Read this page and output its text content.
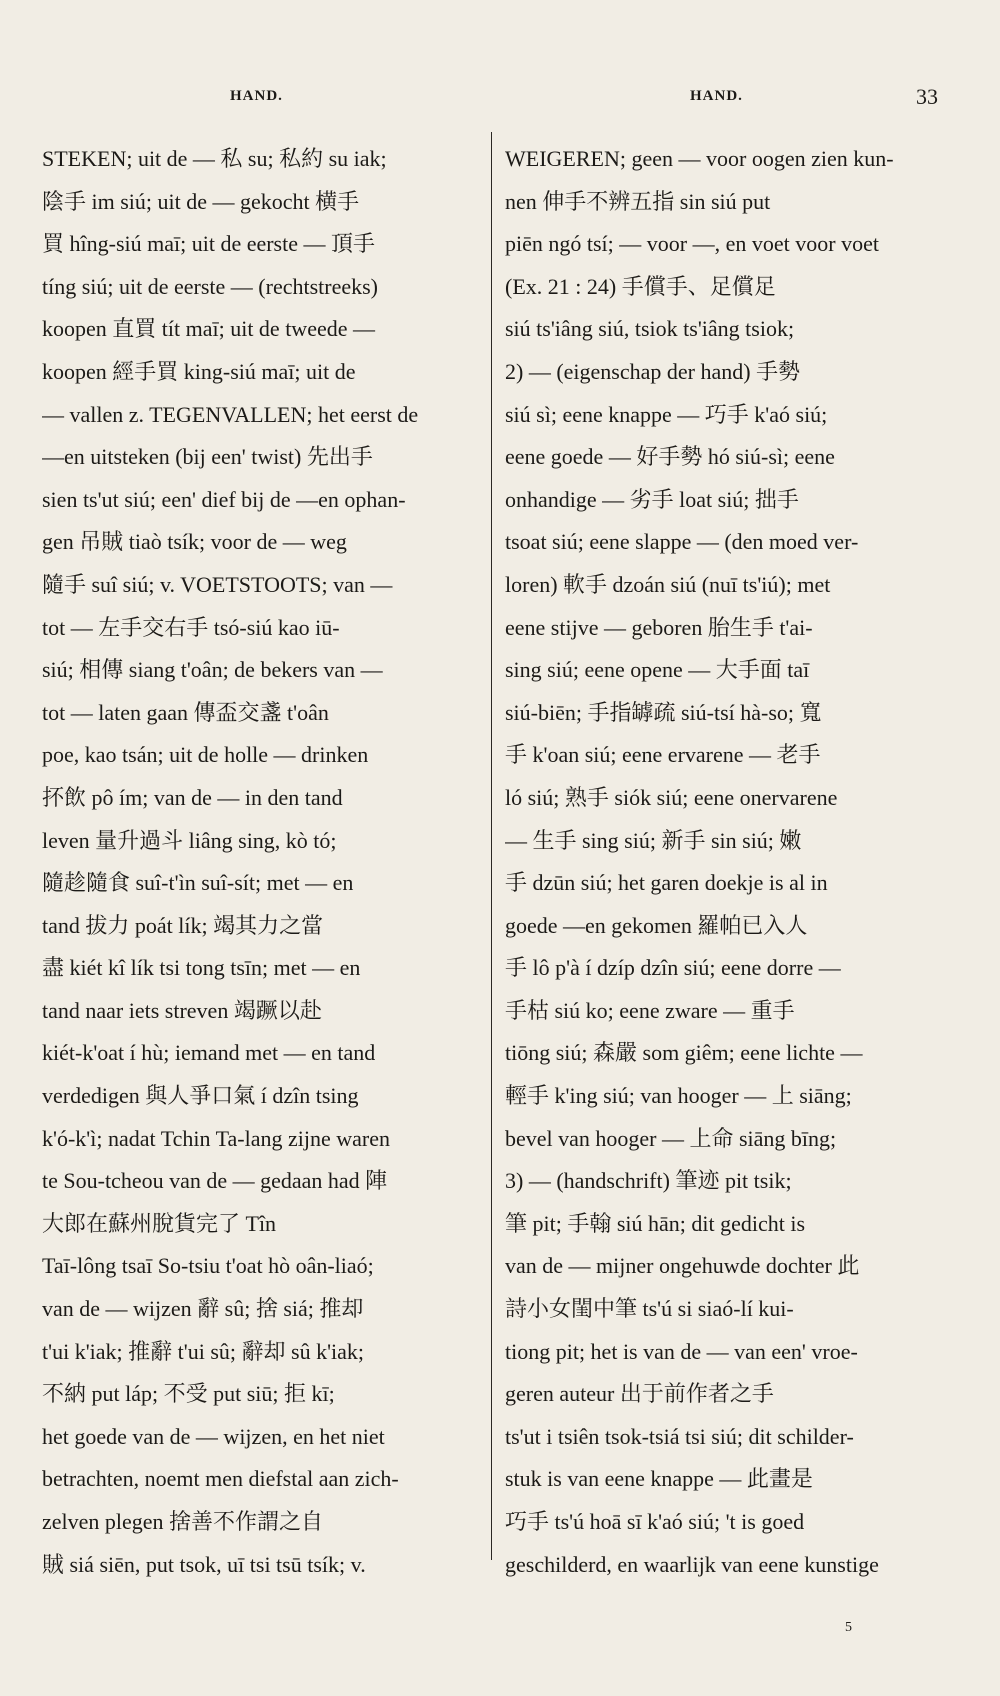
HAND.	HAND.	33
STEKEN; uit de — 私 su; 私約 su iak;
陰手 im siú; uit de — gekocht 横手
買 hîng-siú maī; uit de eerste — 頂手
tíng siú; uit de eerste — (rechtstreeks)
koopen 直買 tít maī; uit de tweede —
koopen 經手買 king-siú maī; uit de
— vallen z. TEGENVALLEN; het eerst de
—en uitsteken (bij een' twist) 先出手
sien ts'ut siú; een' dief bij de —en ophan-
gen 吊賊 tiaò tsík; voor de — weg
隨手 suî siú; v. VOETSTOOTS; van —
tot — 左手交右手 tsó-siú kao iū-
siú; 相傳 siang t'oân; de bekers van —
tot — laten gaan 傳盃交盞 t'oân
poe, kao tsán; uit de holle — drinken
抔飲 pô ím; van de — in den tand
leven 量升過斗 liâng sing, kò tó;
隨趁隨食 suî-t'ìn suî-sít; met — en
tand 拔力 poát lík; 竭其力之當
盡 kiét kî lík tsi tong tsīn; met — en
tand naar iets streven 竭蹶以赴
kiét-k'oat í hù; iemand met — en tand
verdedigen 與人爭口氣 í dzîn tsing
k'ó-k'ì; nadat Tchin Ta-lang zijne waren
te Sou-tcheou van de — gedaan had 陣
大郎在蘇州脫貨完了 Tîn
Taī-lông tsaī So-tsiu t'oat hò oân-liaó;
van de — wijzen 辭 sû; 捨 siá; 推却
t'ui k'iak; 推辭 t'ui sû; 辭却 sû k'iak;
不納 put láp; 不受 put siū; 拒 kī;
het goede van de — wijzen, en het niet
betrachten, noemt men diefstal aan zich-
zelven plegen 捨善不作謂之自
賊 siá siēn, put tsok, uī tsi tsū tsík; v.
WEIGEREN; geen — voor oogen zien kun-
nen 伸手不辨五指 sin siú put
piēn ngó tsí; — voor —, en voet voor voet
(Ex. 21 : 24) 手償手、足償足
siú ts'iâng siú, tsiok ts'iâng tsiok;
2) — (eigenschap der hand) 手勢
siú sì; eene knappe — 巧手 k'aó siú;
eene goede — 好手勢 hó siú-sì; eene
onhandige — 劣手 loat siú; 拙手
tsoat siú; eene slappe — (den moed ver-
loren) 軟手 dzoán siú (nuī ts'iú); met
eene stijve — geboren 胎生手 t'ai-
sing siú; eene opene — 大手面 taī
siú-biēn; 手指罅疏 siú-tsí hà-so; 寬
手 k'oan siú; eene ervarene — 老手
ló siú; 熟手 siók siú; eene onervarene
— 生手 sing siú; 新手 sin siú; 嫩
手 dzūn siú; het garen doekje is al in
goede —en gekomen 羅帕已入人
手 lô p'à í dzíp dzîn siú; eene dorre —
手枯 siú ko; eene zware — 重手
tiōng siú; 森嚴 som giêm; eene lichte —
輕手 k'ing siú; van hooger — 上 siāng;
bevel van hooger — 上命 siāng bīng;
3) — (handschrift) 筆迹 pit tsik;
筆 pit; 手翰 siú hān; dit gedicht is
van de — mijner ongehuwde dochter 此
詩小女閨中筆 ts'ú si siaó-lí kui-
tiong pit; het is van de — van een' vroe-
geren auteur 出于前作者之手
ts'ut i tsiên tsok-tsiá tsi siú; dit schilder-
stuk is van eene knappe — 此畫是
巧手 ts'ú hoā sī k'aó siú; 't is goed
geschilderd, en waarlijk van eene kunstige
5
